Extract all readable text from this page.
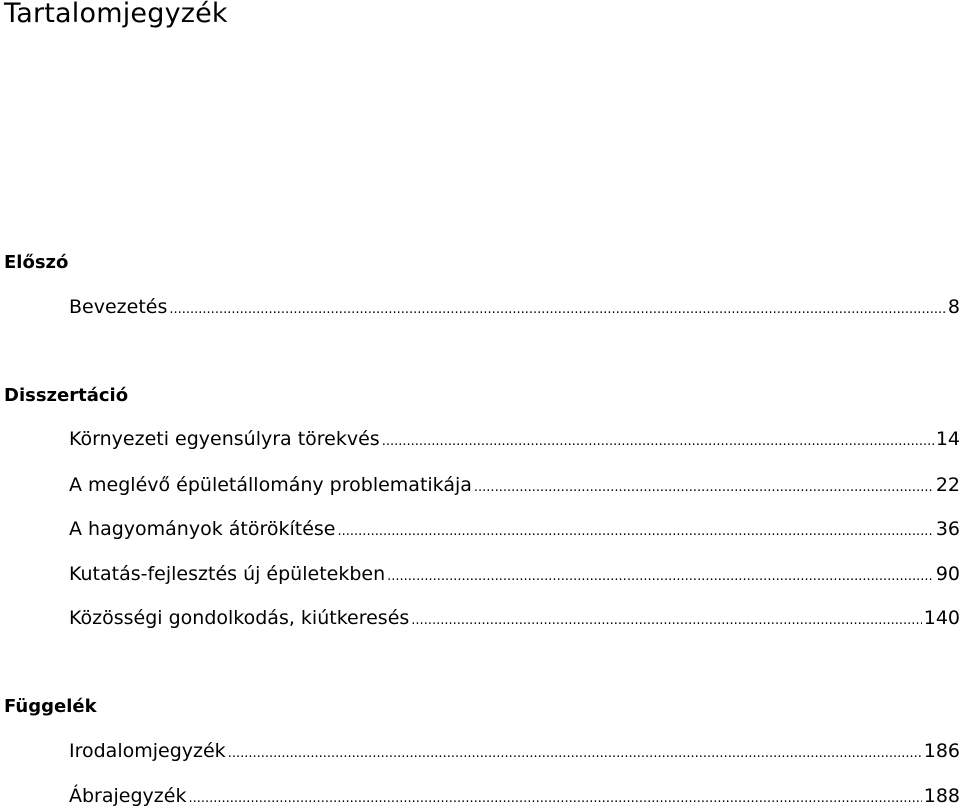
Tartalomjegyzék
Előszó
Bevezetés .....	8
Disszertáció
Környezeti egyensúlyra törekvés .....	14
A meglévő épületállomány problematikája .....	22
A hagyományok átörökítése .....	36
Kutatás-fejlesztés új épületekben .....	90
Közösségi gondolkodás, kiútkeresés .....	140
Függelék
Irodalomjegyzék .....	186
Ábrajegyzék .....	188
